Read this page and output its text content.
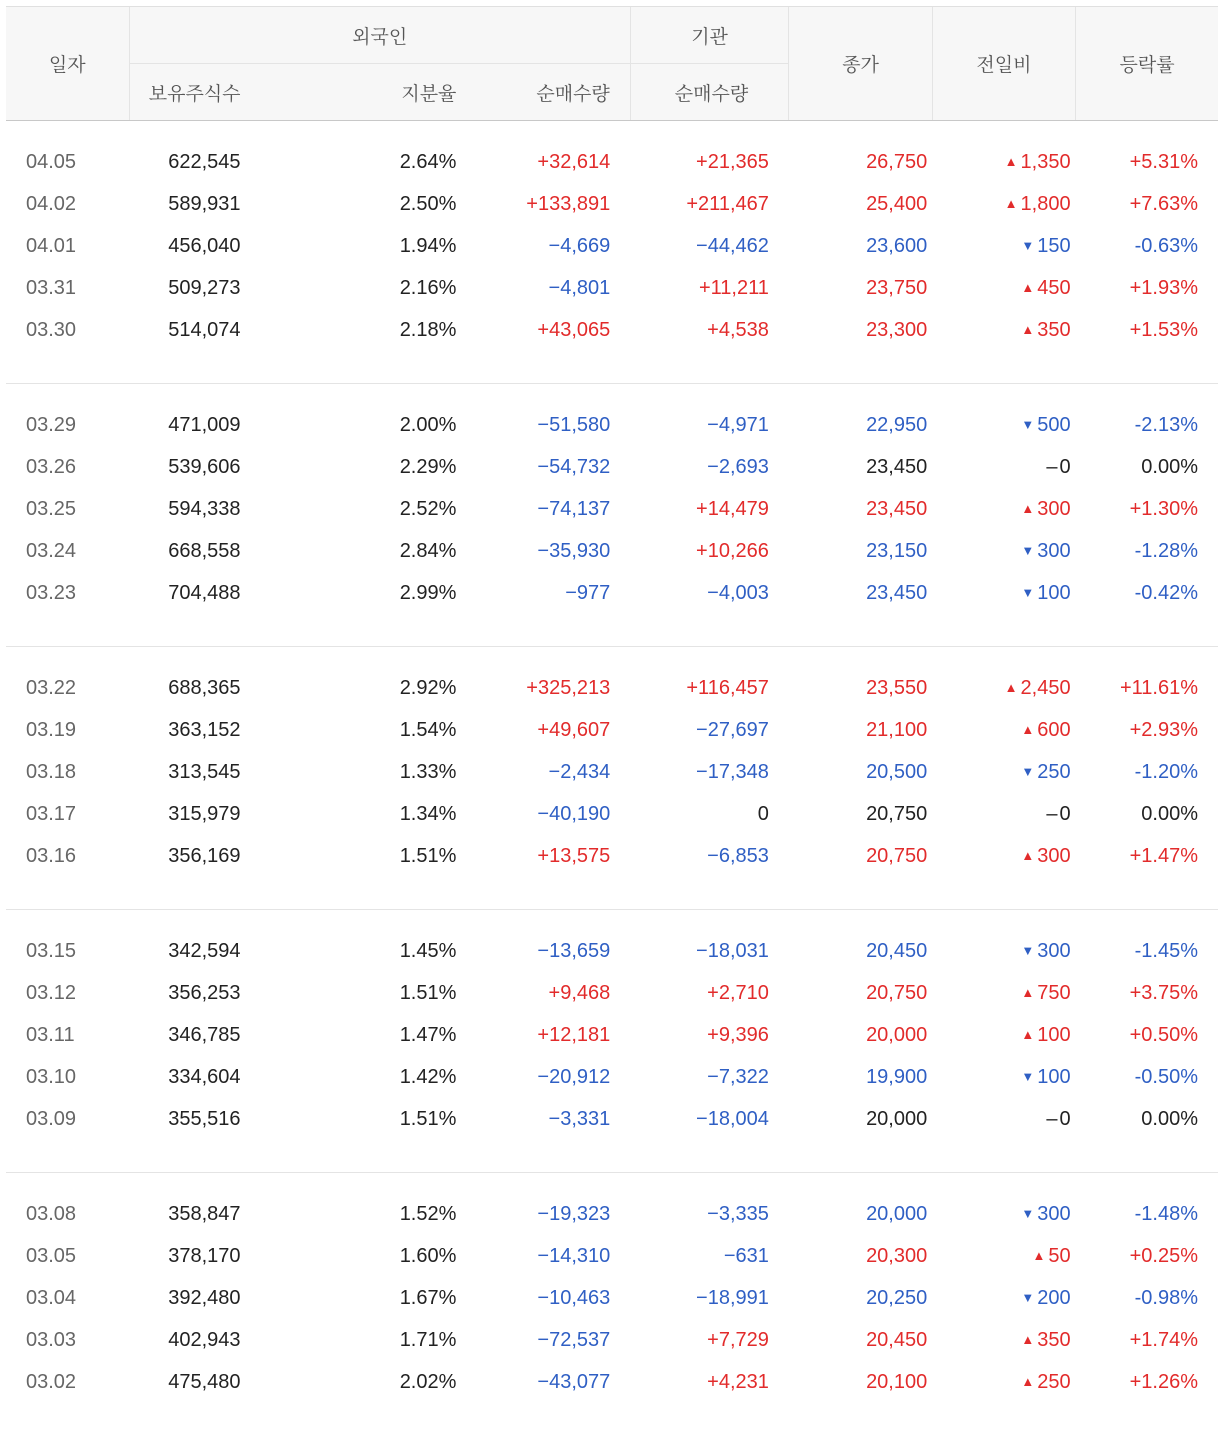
일자	외국인			기관	종가	전일비	등락률
	보유주식수	지분율	순매수량	순매수량			

04.05	622,545	2.64%	+32,614	+21,365	26,750	▲ 1,350	+5.31%
04.02	589,931	2.50%	+133,891	+211,467	25,400	▲ 1,800	+7.63%
04.01	456,040	1.94%	−4,669	−44,462	23,600	▼ 150	-0.63%
03.31	509,273	2.16%	−4,801	+11,211	23,750	▲ 450	+1.93%
03.30	514,074	2.18%	+43,065	+4,538	23,300	▲ 350	+1.53%

03.29	471,009	2.00%	−51,580	−4,971	22,950	▼ 500	-2.13%
03.26	539,606	2.29%	−54,732	−2,693	23,450	– 0	0.00%
03.25	594,338	2.52%	−74,137	+14,479	23,450	▲ 300	+1.30%
03.24	668,558	2.84%	−35,930	+10,266	23,150	▼ 300	-1.28%
03.23	704,488	2.99%	−977	−4,003	23,450	▼ 100	-0.42%

03.22	688,365	2.92%	+325,213	+116,457	23,550	▲ 2,450	+11.61%
03.19	363,152	1.54%	+49,607	−27,697	21,100	▲ 600	+2.93%
03.18	313,545	1.33%	−2,434	−17,348	20,500	▼ 250	-1.20%
03.17	315,979	1.34%	−40,190	0	20,750	– 0	0.00%
03.16	356,169	1.51%	+13,575	−6,853	20,750	▲ 300	+1.47%

03.15	342,594	1.45%	−13,659	−18,031	20,450	▼ 300	-1.45%
03.12	356,253	1.51%	+9,468	+2,710	20,750	▲ 750	+3.75%
03.11	346,785	1.47%	+12,181	+9,396	20,000	▲ 100	+0.50%
03.10	334,604	1.42%	−20,912	−7,322	19,900	▼ 100	-0.50%
03.09	355,516	1.51%	−3,331	−18,004	20,000	– 0	0.00%

03.08	358,847	1.52%	−19,323	−3,335	20,000	▼ 300	-1.48%
03.05	378,170	1.60%	−14,310	−631	20,300	▲ 50	+0.25%
03.04	392,480	1.67%	−10,463	−18,991	20,250	▼ 200	-0.98%
03.03	402,943	1.71%	−72,537	+7,729	20,450	▲ 350	+1.74%
03.02	475,480	2.02%	−43,077	+4,231	20,100	▲ 250	+1.26%
